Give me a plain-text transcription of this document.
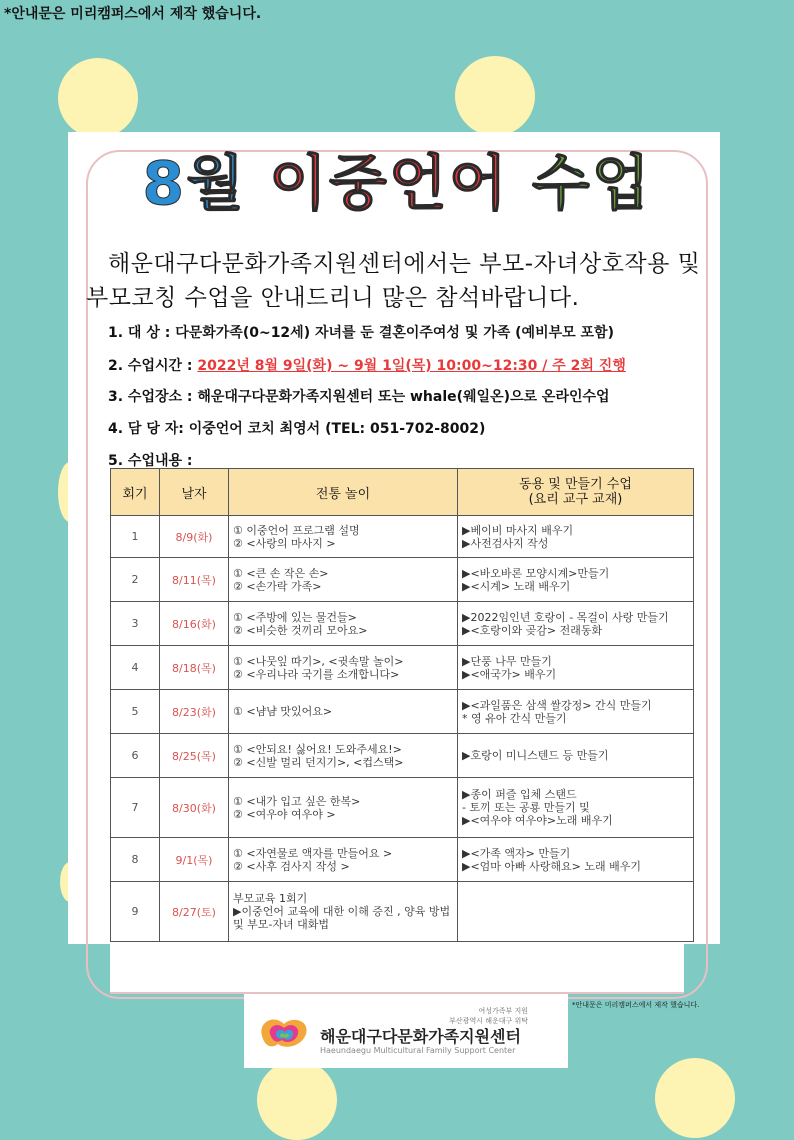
*안내문은 미리캠퍼스에서 제작 했습니다.
8월 이중언어 수업
해운대구다문화가족지원센터에서는 부모-자녀상호작용 및 부모코칭 수업을 안내드리니 많은 참석바랍니다.
1. 대 상 : 다문화가족(0~12세) 자녀를 둔 결혼이주여성 및 가족 (예비부모 포함)
2. 수업시간 : 2022년 8월 9일(화) ~ 9월 1일(목) 10:00~12:30 / 주 2회 진행
3. 수업장소 : 해운대구다문화가족지원센터 또는 whale(웨일온)으로 온라인수업
4. 담 당 자: 이중언어 코치 최영서 (TEL: 051-702-8002)
5. 수업내용 :
회기	날자	전통 놀이	동용 및 만들기 수업
(요리 교구 교재)
1	8/9(화)	① 이중언어 프로그램 설명
② <사랑의 마사지 >	▶베이비 마사지 배우기
▶사전검사지 작성
2	8/11(목)	① <큰 손 작은 손>
② <손가락 가족>	▶<바오바론 모양시계>만들기
▶<시계> 노래 배우기
3	8/16(화)	① <주방에 있는 물건들>
② <비슷한 것끼리 모아요>	▶2022임인년 호랑이 - 목걸이 사랑 만들기
▶<호랑이와 곶감> 전래동화
4	8/18(목)	① <나뭇잎 따기>, <귓속말 놀이>
② <우리나라 국기를 소개합니다>	▶단풍 나무 만들기
▶<애국가> 배우기
5	8/23(화)	① <냠냠 맛있어요>	▶<과일품은 삼색 쌀강정> 간식 만들기
* 영 유아 간식 만들기
6	8/25(목)	① <안되요! 싫어요! 도와주세요!>
② <신발 멀리 던지기>, <컵스택>	▶호랑이 미니스텐드 등 만들기
7	8/30(화)	① <내가 입고 싶은 한복>
② <여우야 여우야 >	▶종이 퍼즐 입체 스탠드
- 토끼 또는 공룡 만들기 및
▶<여우야 여우야>노래 배우기
8	9/1(목)	① <자연물로 액자를 만들어요 >
② <사후 검사지 작성 >	▶<가족 액자> 만들기
▶<엄마 아빠 사랑해요> 노래 배우기
9	8/27(토)	부모교육 1회기
▶이중언어 교육에 대한 이해 증진 , 양육 방법 및 부모-자녀 대화법	
여성가족부 지원
부산광역시 해운대구 위탁
해운대구다문화가족지원센터
Haeundaegu Multicultural Family Support Center
*안내문은 미리캠퍼스에서 제작 했습니다.
